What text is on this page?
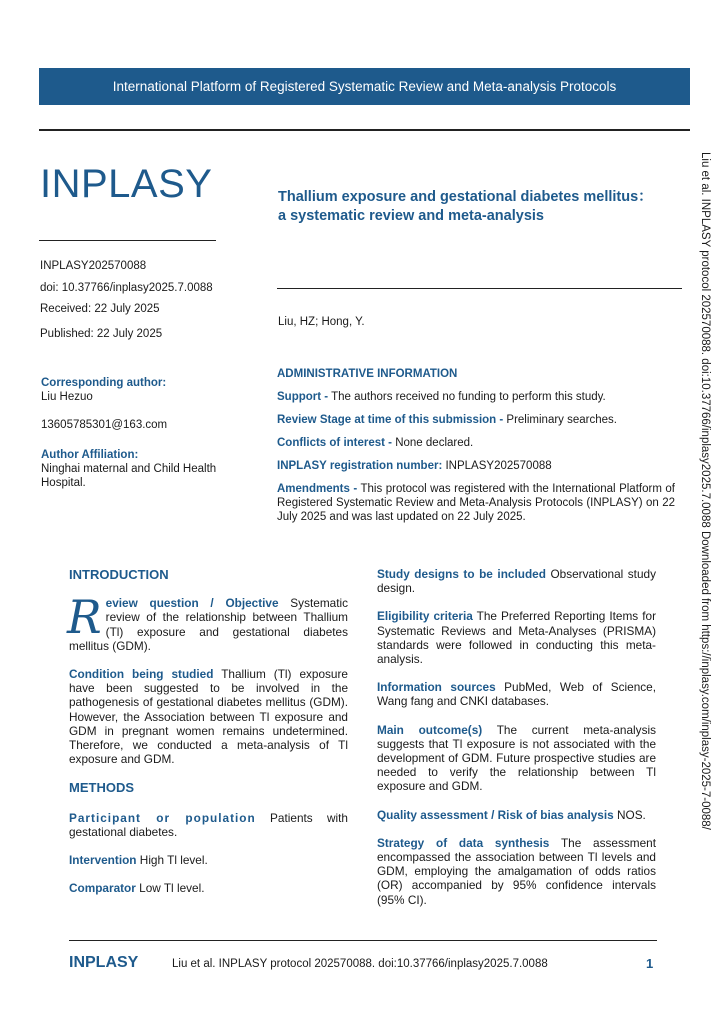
International Platform of Registered Systematic Review and Meta-analysis Protocols
INPLASY
INPLASY202570088
doi: 10.37766/inplasy2025.7.0088
Received: 22 July 2025
Published: 22 July 2025
Thallium exposure and gestational diabetes mellitus：a systematic review and meta-analysis
Liu, HZ; Hong, Y.
Corresponding author:
Liu Hezuo
13605785301@163.com
Author Affiliation:
Ninghai maternal and Child Health Hospital.
ADMINISTRATIVE INFORMATION

Support - The authors received no funding to perform this study.

Review Stage at time of this submission - Preliminary searches.

Conflicts of interest - None declared.

INPLASY registration number: INPLASY202570088

Amendments - This protocol was registered with the International Platform of Registered Systematic Review and Meta-Analysis Protocols (INPLASY) on 22 July 2025 and was last updated on 22 July 2025.

INTRODUCTION

Review question / Objective Systematic review of the relationship between Thallium (Tl) exposure and gestational diabetes mellitus (GDM).

Condition being studied Thallium (Tl) exposure have been suggested to be involved in the pathogenesis of gestational diabetes mellitus (GDM). However, the Association between Tl exposure and GDM in pregnant women remains undetermined. Therefore, we conducted a meta-analysis of Tl exposure and GDM.

METHODS

Participant or population Patients with gestational diabetes.

Intervention High Tl level.

Comparator Low Tl level.

Study designs to be included Observational study design.

Eligibility criteria The Preferred Reporting Items for Systematic Reviews and Meta-Analyses (PRISMA) standards were followed in conducting this meta-analysis.

Information sources PubMed, Web of Science, Wang fang and CNKI databases.

Main outcome(s) The current meta-analysis suggests that Tl exposure is not associated with the development of GDM. Future prospective studies are needed to verify the relationship between Tl exposure and GDM.

Quality assessment / Risk of bias analysis NOS.

Strategy of data synthesis The assessment encompassed the association between Tl levels and GDM, employing the amalgamation of odds ratios (OR) accompanied by 95% confidence intervals (95% CI).

Liu et al. INPLASY protocol 202570088. doi:10.37766/inplasy2025.7.0088 Downloaded from https://inplasy.com/inplasy-2025-7-0088/
INPLASY	Liu et al. INPLASY protocol 202570088. doi:10.37766/inplasy2025.7.0088	1
